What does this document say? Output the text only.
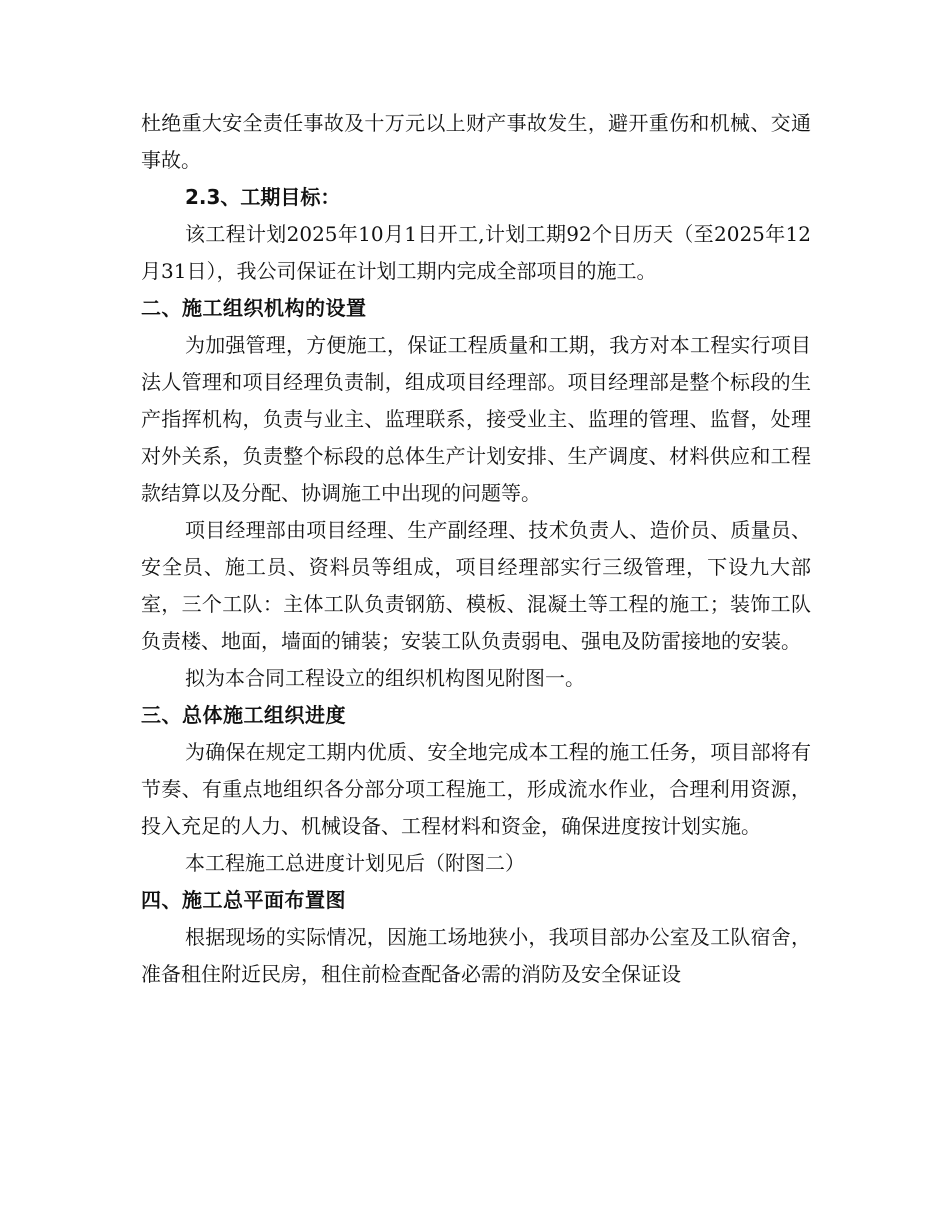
杜绝重大安全责任事故及十万元以上财产事故发生，避开重伤和机械、交通事故。

2.3、工期目标：

该工程计划2025年10月1日开工,计划工期92个日历天（至2025年12月31日），我公司保证在计划工期内完成全部项目的施工。

二、施工组织机构的设置

为加强管理，方便施工，保证工程质量和工期，我方对本工程实行项目法人管理和项目经理负责制，组成项目经理部。项目经理部是整个标段的生产指挥机构，负责与业主、监理联系，接受业主、监理的管理、监督，处理对外关系，负责整个标段的总体生产计划安排、生产调度、材料供应和工程款结算以及分配、协调施工中出现的问题等。

项目经理部由项目经理、生产副经理、技术负责人、造价员、质量员、安全员、施工员、资料员等组成，项目经理部实行三级管理，下设九大部室，三个工队：主体工队负责钢筋、模板、混凝土等工程的施工；装饰工队负责楼、地面，墙面的铺装；安装工队负责弱电、强电及防雷接地的安装。

拟为本合同工程设立的组织机构图见附图一。

三、总体施工组织进度

为确保在规定工期内优质、安全地完成本工程的施工任务，项目部将有节奏、有重点地组织各分部分项工程施工，形成流水作业，合理利用资源，投入充足的人力、机械设备、工程材料和资金，确保进度按计划实施。

本工程施工总进度计划见后（附图二）

四、施工总平面布置图

根据现场的实际情况，因施工场地狭小，我项目部办公室及工队宿舍，准备租住附近民房，租住前检查配备必需的消防及安全保证设
